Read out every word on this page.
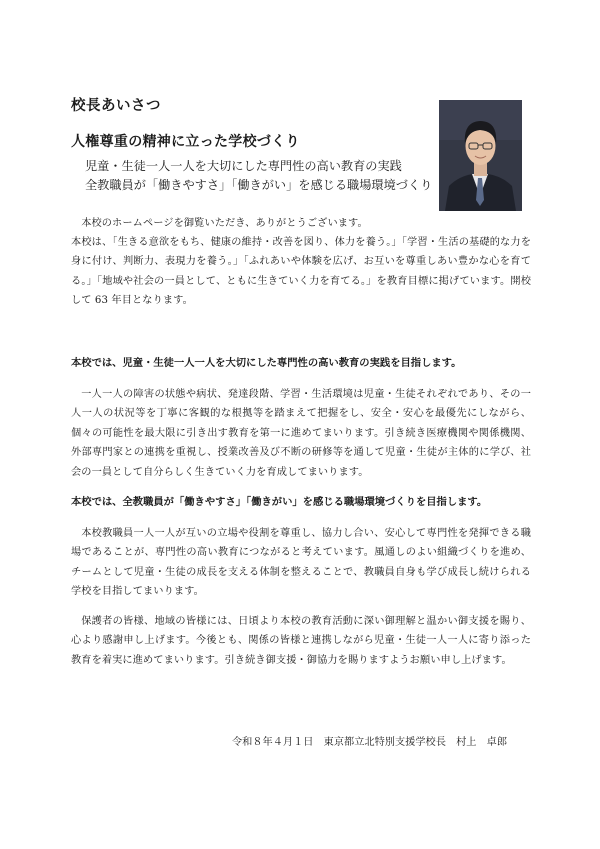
校長あいさつ
人権尊重の精神に立った学校づくり
児童・生徒一人一人を大切にした専門性の高い教育の実践
全教職員が「働きやすさ」「働きがい」を感じる職場環境づくり
本校のホームページを御覧いただき、ありがとうございます。
本校は、「生きる意欲をもち、健康の維持・改善を図り、体力を養う。」「学習・生活の基礎的な力を身に付け、判断力、表現力を養う。」「ふれあいや体験を広げ、お互いを尊重しあい豊かな心を育てる。」「地域や社会の一員として、ともに生きていく力を育てる。」を教育目標に掲げています。開校して 63 年目となります。
本校では、児童・生徒一人一人を大切にした専門性の高い教育の実践を目指します。
一人一人の障害の状態や病状、発達段階、学習・生活環境は児童・生徒それぞれであり、その一人一人の状況等を丁寧に客観的な根拠等を踏まえて把握をし、安全・安心を最優先にしながら、個々の可能性を最大限に引き出す教育を第一に進めてまいります。引き続き医療機関や関係機関、外部専門家との連携を重視し、授業改善及び不断の研修等を通して児童・生徒が主体的に学び、社会の一員として自分らしく生きていく力を育成してまいります。
本校では、全教職員が「働きやすさ」「働きがい」を感じる職場環境づくりを目指します。
本校教職員一人一人が互いの立場や役割を尊重し、協力し合い、安心して専門性を発揮できる職場であることが、専門性の高い教育につながると考えています。風通しのよい組織づくりを進め、チームとして児童・生徒の成長を支える体制を整えることで、教職員自身も学び成長し続けられる学校を目指してまいります。
保護者の皆様、地域の皆様には、日頃より本校の教育活動に深い御理解と温かい御支援を賜り、心より感謝申し上げます。今後とも、関係の皆様と連携しながら児童・生徒一人一人に寄り添った教育を着実に進めてまいります。引き続き御支援・御協力を賜りますようお願い申し上げます。
令和８年４月１日　東京都立北特別支援学校長　村上　卓郎
